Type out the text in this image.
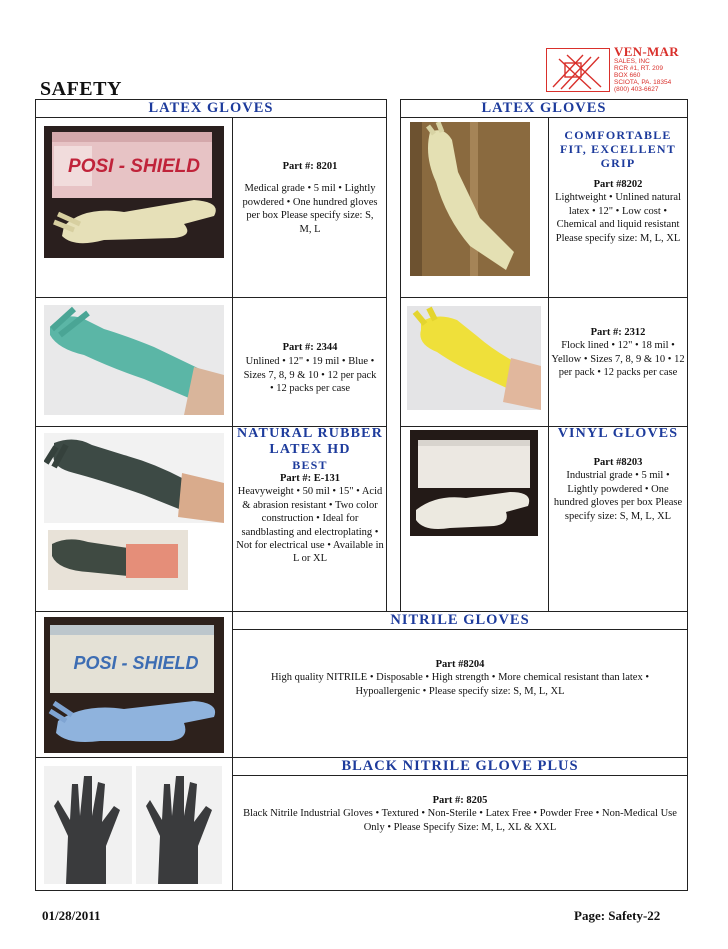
VEN-MAR
SALES, INC
RCR #1, RT. 209
BOX 660
SCIOTA, PA. 18354
(800) 403-6627
SAFETY
LATEX GLOVES
POSI - SHIELD	Part #: 8201
Medical grade • 5 mil • Lightly powdered • One hundred gloves per box Please specify size: S, M, L
Part #: 2344
Unlined • 12" • 19 mil • Blue • Sizes 7, 8, 9 & 10 • 12 per pack • 12 packs per case
NATURAL RUBBER LATEX HD
BEST
Part #: E-131
Heavyweight • 50 mil • 15" • Acid & abrasion resistant • Two color construction • Ideal for sandblasting and electroplating • Not for electrical use • Available in L or XL
LATEX GLOVES
COMFORTABLE FIT, EXCELLENT GRIP
Part #8202
Lightweight • Unlined natural latex • 12" • Low cost • Chemical and liquid resistant
Please specify size: M, L, XL
Part #: 2312
Flock lined • 12" • 18 mil • Yellow • Sizes 7, 8, 9 & 10 • 12 per pack • 12 packs per case
VINYL GLOVES
Part #8203
Industrial grade • 5 mil • Lightly powdered • One hundred gloves per box Please specify size: S, M, L, XL
NITRILE GLOVES
BLACK NITRILE GLOVE PLUS
POSI - SHIELD	Part #8204
High quality NITRILE • Disposable • High strength • More chemical resistant than latex • Hypoallergenic • Please specify size: S, M, L, XL
Part #: 8205
Black Nitrile Industrial Gloves • Textured • Non-Sterile • Latex Free • Powder Free • Non-Medical Use Only • Please Specify Size: M, L, XL & XXL
01/28/2011	Page: Safety-22
